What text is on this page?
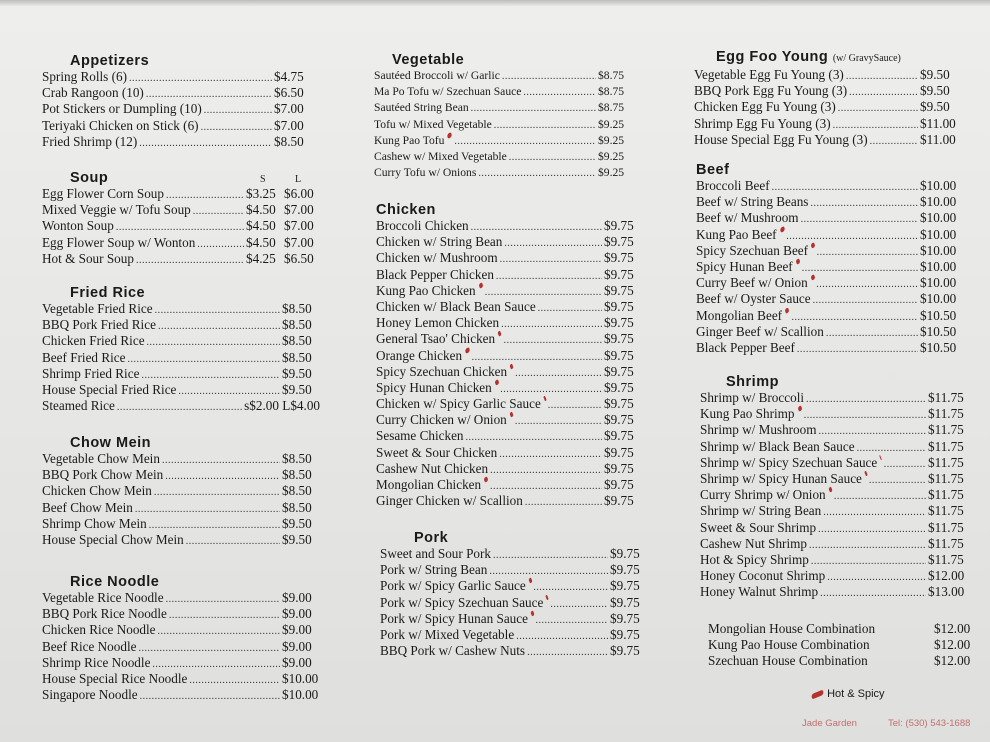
Appetizers
Spring Rolls (6) .....	$4.75
Crab Rangoon (10) .....	$6.50
Pot Stickers or Dumpling (10) .....	$7.00
Teriyaki Chicken on Stick (6) .....	$7.00
Fried Shrimp (12) .....	$8.50
Soup	S	L
Egg Flower Corn Soup .....	$3.25 $6.00
Mixed Veggie w/ Tofu Soup .....	$4.50 $7.00
Wonton Soup .....	$4.50 $7.00
Egg Flower Soup w/ Wonton .....	$4.50 $7.00
Hot & Sour Soup .....	$4.25 $6.50
Fried Rice
Vegetable Fried Rice .....	$8.50
BBQ Pork Fried Rice .....	$8.50
Chicken Fried Rice .....	$8.50
Beef Fried Rice .....	$8.50
Shrimp Fried Rice .....	$9.50
House Special Fried Rice .....	$9.50
Steamed Rice .....	s$2.00 L$4.00
Chow Mein
Vegetable Chow Mein .....	$8.50
BBQ Pork Chow Mein .....	$8.50
Chicken Chow Mein .....	$8.50
Beef Chow Mein .....	$8.50
Shrimp Chow Mein .....	$9.50
House Special Chow Mein .....	$9.50
Rice Noodle
Vegetable Rice Noodle .....	$9.00
BBQ Pork Rice Noodle .....	$9.00
Chicken Rice Noodle .....	$9.00
Beef Rice Noodle .....	$9.00
Shrimp Rice Noodle .....	$9.00
House Special Rice Noodle .....	$10.00
Singapore Noodle .....	$10.00
Vegetable
Sautéed Broccoli w/ Garlic .....	$8.75
Ma Po Tofu w/ Szechuan Sauce .....	$8.75
Sautéed String Bean .....	$8.75
Tofu w/ Mixed Vegetable .....	$9.25
Kung Pao Tofu .....	$9.25
Cashew w/ Mixed Vegetable .....	$9.25
Curry Tofu w/ Onions .....	$9.25
Chicken
Broccoli Chicken .....	$9.75
Chicken w/ String Bean .....	$9.75
Chicken w/ Mushroom .....	$9.75
Black Pepper Chicken .....	$9.75
Kung Pao Chicken .....	$9.75
Chicken w/ Black Bean Sauce .....	$9.75
Honey Lemon Chicken .....	$9.75
General Tsao' Chicken .....	$9.75
Orange Chicken .....	$9.75
Spicy Szechuan Chicken .....	$9.75
Spicy Hunan Chicken .....	$9.75
Chicken w/ Spicy Garlic Sauce .....	$9.75
Curry Chicken w/ Onion .....	$9.75
Sesame Chicken .....	$9.75
Sweet & Sour Chicken .....	$9.75
Cashew Nut Chicken .....	$9.75
Mongolian Chicken .....	$9.75
Ginger Chicken w/ Scallion .....	$9.75
Pork
Sweet and Sour Pork .....	$9.75
Pork w/ String Bean .....	$9.75
Pork w/ Spicy Garlic Sauce .....	$9.75
Pork w/ Spicy Szechuan Sauce .....	$9.75
Pork w/ Spicy Hunan Sauce .....	$9.75
Pork w/ Mixed Vegetable .....	$9.75
BBQ Pork w/ Cashew Nuts .....	$9.75
Egg Foo Young (w/ GravySauce)
Vegetable Egg Fu Young (3) .....	$9.50
BBQ Pork Egg Fu Young (3) .....	$9.50
Chicken Egg Fu Young (3) .....	$9.50
Shrimp Egg Fu Young (3) .....	$11.00
House Special Egg Fu Young (3) .....	$11.00
Beef
Broccoli Beef .....	$10.00
Beef w/ String Beans .....	$10.00
Beef w/ Mushroom .....	$10.00
Kung Pao Beef .....	$10.00
Spicy Szechuan Beef .....	$10.00
Spicy Hunan Beef .....	$10.00
Curry Beef w/ Onion .....	$10.00
Beef w/ Oyster Sauce .....	$10.00
Mongolian Beef .....	$10.50
Ginger Beef w/ Scallion .....	$10.50
Black Pepper Beef .....	$10.50
Shrimp
Shrimp w/ Broccoli .....	$11.75
Kung Pao Shrimp .....	$11.75
Shrimp w/ Mushroom .....	$11.75
Shrimp w/ Black Bean Sauce .....	$11.75
Shrimp w/ Spicy Szechuan Sauce .....	$11.75
Shrimp w/ Spicy Hunan Sauce .....	$11.75
Curry Shrimp w/ Onion .....	$11.75
Shrimp w/ String Bean .....	$11.75
Sweet & Sour Shrimp .....	$11.75
Cashew Nut Shrimp .....	$11.75
Hot & Spicy Shrimp .....	$11.75
Honey Coconut Shrimp .....	$12.00
Honey Walnut Shrimp .....	$13.00
Mongolian House Combination	$12.00
Kung Pao House Combination	$12.00
Szechuan House Combination	$12.00
Hot & Spicy
Jade Garden	Tel: (530) 543-1688
